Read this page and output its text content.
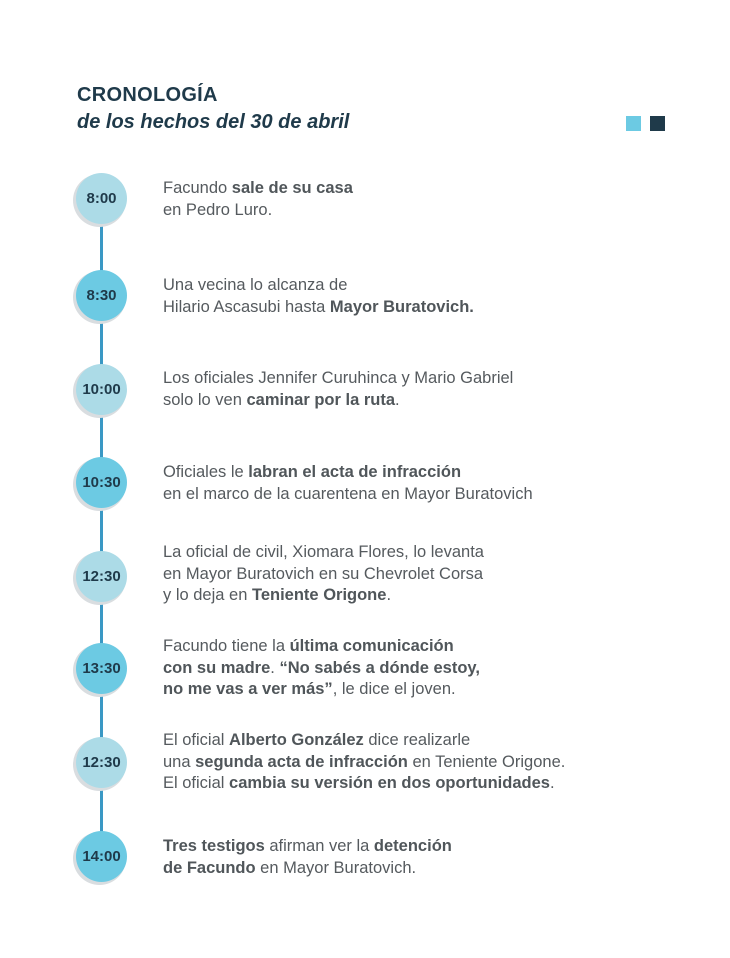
CRONOLOGÍA
de los hechos del 30 de abril
8:00

Facundo sale de su casa
en Pedro Luro.

8:30

Una vecina lo alcanza de
Hilario Ascasubi hasta Mayor Buratovich.

10:00

Los oficiales Jennifer Curuhinca y Mario Gabriel
solo lo ven caminar por la ruta.

10:30

Oficiales le labran el acta de infracción
en el marco de la cuarentena en Mayor Buratovich

12:30

La oficial de civil, Xiomara Flores, lo levanta
en Mayor Buratovich en su Chevrolet Corsa
y lo deja en Teniente Origone.

13:30

Facundo tiene la última comunicación
con su madre. “No sabés a dónde estoy,
no me vas a ver más”, le dice el joven.

12:30

El oficial Alberto González dice realizarle
una segunda acta de infracción en Teniente Origone.
El oficial cambia su versión en dos oportunidades.

14:00

Tres testigos afirman ver la detención
de Facundo en Mayor Buratovich.
